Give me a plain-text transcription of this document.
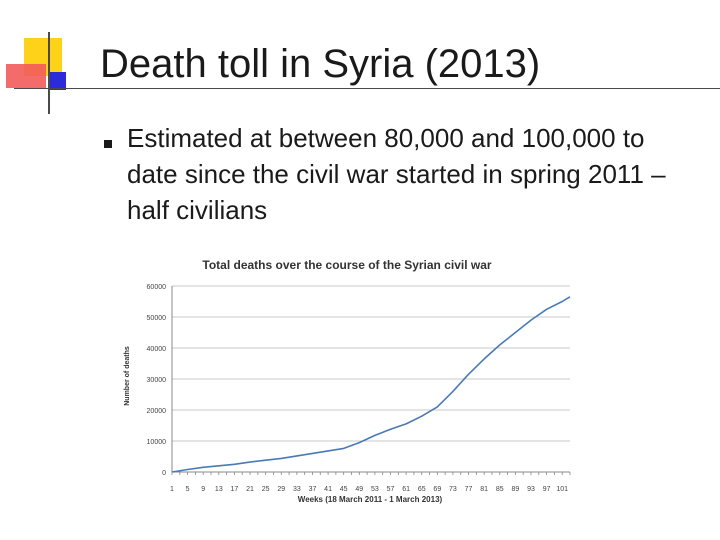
Death toll in Syria (2013)
Estimated at between 80,000 and 100,000 to date since the civil war started in spring 2011 – half civilians
Total deaths over the course of the Syrian civil war
Number of deaths
Weeks (18 March 2011 - 1 March 2013)
0
10000
20000
30000
40000
50000
60000
1 5 9 13 17 21 25 29 33 37 41 45 49 53 57 61 65 69 73 77 81 85 89 93 97 101
